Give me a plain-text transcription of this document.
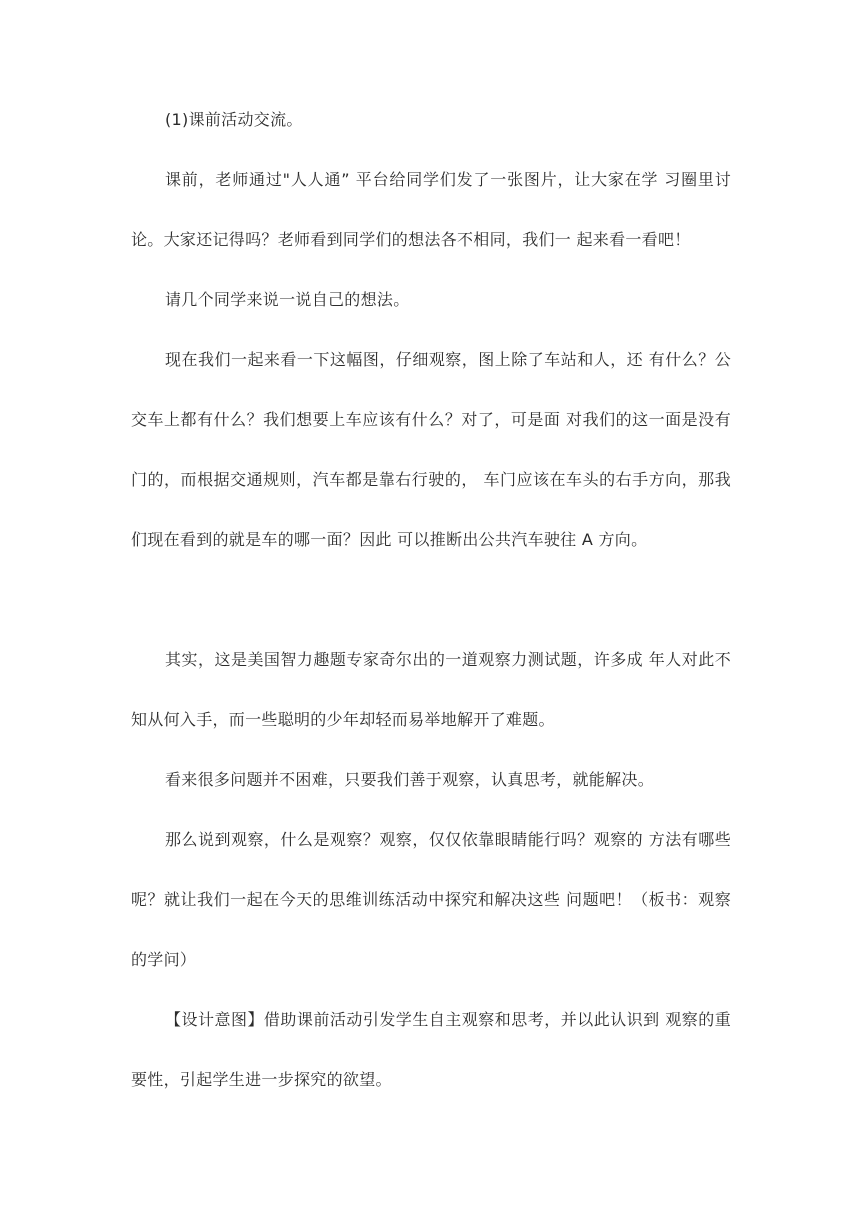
(1)课前活动交流。

课前，老师通过"人人通” 平台给同学们发了一张图片，让大家在学 习圈里讨论。大家还记得吗？老师看到同学们的想法各不相同，我们一 起来看一看吧！

请几个同学来说一说自己的想法。

现在我们一起来看一下这幅图，仔细观察，图上除了车站和人，还 有什么？公交车上都有什么？我们想要上车应该有什么？对了，可是面 对我们的这一面是没有门的，而根据交通规则，汽车都是靠右行驶的， 车门应该在车头的右手方向，那我们现在看到的就是车的哪一面？因此 可以推断出公共汽车驶往 A 方向。

其实，这是美国智力趣题专家奇尔出的一道观察力测试题，许多成 年人对此不知从何入手，而一些聪明的少年却轻而易举地解开了难题。

看来很多问题并不困难，只要我们善于观察，认真思考，就能解决。

那么说到观察，什么是观察？观察，仅仅依靠眼睛能行吗？观察的 方法有哪些呢？就让我们一起在今天的思维训练活动中探究和解决这些 问题吧！（板书：观察的学问）

【设计意图】借助课前活动引发学生自主观察和思考，并以此认识到 观察的重要性，引起学生进一步探究的欲望。
